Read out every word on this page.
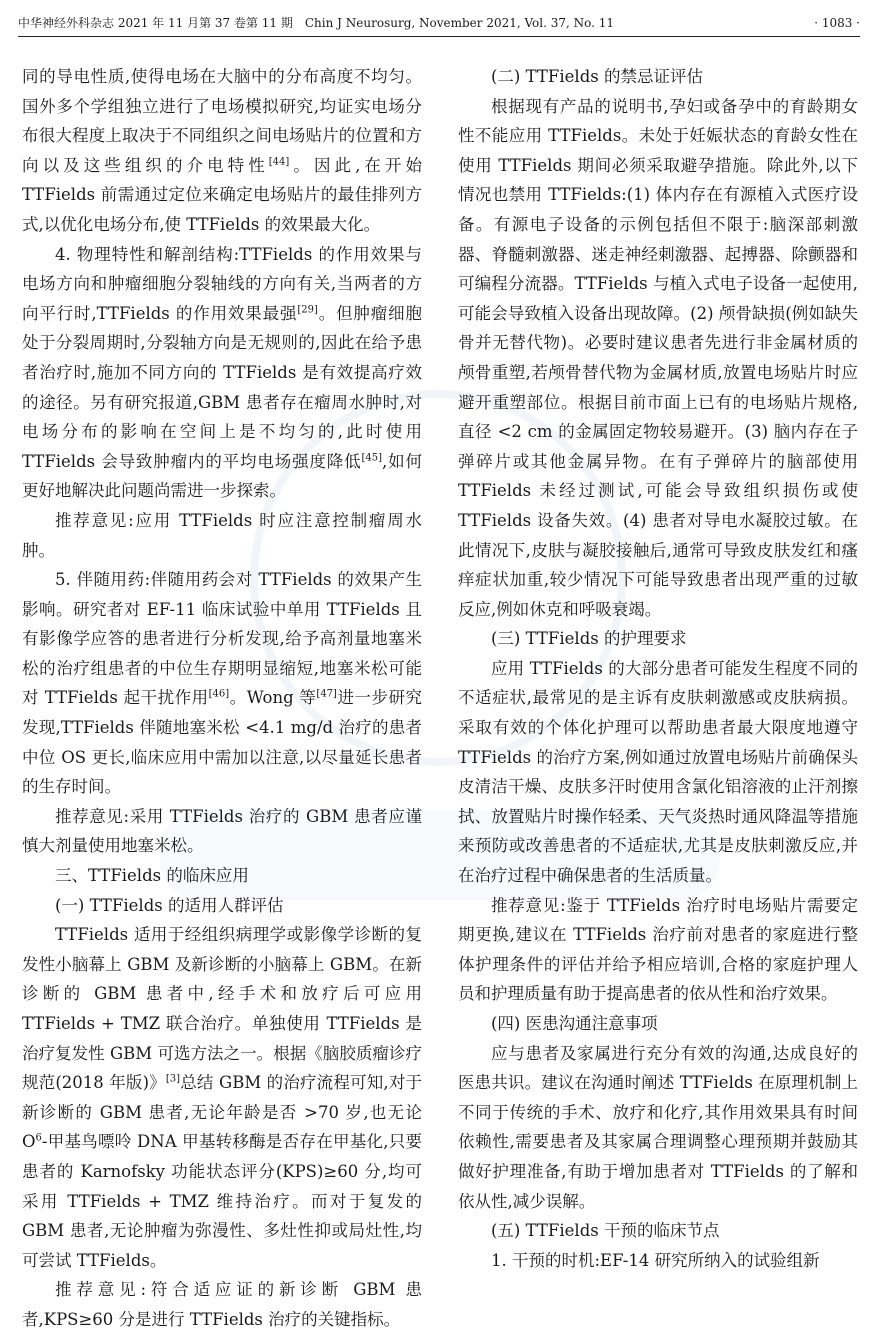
中华神经外科杂志 2021 年 11 月第 37 卷第 11 期　Chin J Neurosurg, November 2021, Vol. 37, No. 11	· 1083 ·

同的导电性质,使得电场在大脑中的分布高度不均匀。国外多个学组独立进行了电场模拟研究,均证实电场分布很大程度上取决于不同组织之间电场贴片的位置和方向以及这些组织的介电特性[44]。因此,在开始 TTFields 前需通过定位来确定电场贴片的最佳排列方式,以优化电场分布,使 TTFields 的效果最大化。

4. 物理特性和解剖结构:TTFields 的作用效果与电场方向和肿瘤细胞分裂轴线的方向有关,当两者的方向平行时,TTFields 的作用效果最强[29]。但肿瘤细胞处于分裂周期时,分裂轴方向是无规则的,因此在给予患者治疗时,施加不同方向的 TTFields 是有效提高疗效的途径。另有研究报道,GBM 患者存在瘤周水肿时,对电场分布的影响在空间上是不均匀的,此时使用 TTFields 会导致肿瘤内的平均电场强度降低[45],如何更好地解决此问题尚需进一步探索。

推荐意见:应用 TTFields 时应注意控制瘤周水肿。

5. 伴随用药:伴随用药会对 TTFields 的效果产生影响。研究者对 EF-11 临床试验中单用 TTFields 且有影像学应答的患者进行分析发现,给予高剂量地塞米松的治疗组患者的中位生存期明显缩短,地塞米松可能对 TTFields 起干扰作用[46]。Wong 等[47]进一步研究发现,TTFields 伴随地塞米松 <4.1 mg/d 治疗的患者中位 OS 更长,临床应用中需加以注意,以尽量延长患者的生存时间。

推荐意见:采用 TTFields 治疗的 GBM 患者应谨慎大剂量使用地塞米松。

三、TTFields 的临床应用

(一) TTFields 的适用人群评估

TTFields 适用于经组织病理学或影像学诊断的复发性小脑幕上 GBM 及新诊断的小脑幕上 GBM。在新诊断的 GBM 患者中,经手术和放疗后可应用 TTFields + TMZ 联合治疗。单独使用 TTFields 是治疗复发性 GBM 可选方法之一。根据《脑胶质瘤诊疗规范(2018 年版)》[3]总结 GBM 的治疗流程可知,对于新诊断的 GBM 患者,无论年龄是否 >70 岁,也无论 $O^6-$甲基鸟嘌呤 DNA 甲基转移酶是否存在甲基化,只要患者的 Karnofsky 功能状态评分(KPS)≥60 分,均可采用 TTFields + TMZ 维持治疗。而对于复发的 GBM 患者,无论肿瘤为弥漫性、多灶性抑或局灶性,均可尝试 TTFields。

推荐意见:符合适应证的新诊断 GBM 患者,KPS≥60 分是进行 TTFields 治疗的关键指标。

(二) TTFields 的禁忌证评估

根据现有产品的说明书,孕妇或备孕中的育龄期女性不能应用 TTFields。未处于妊娠状态的育龄女性在使用 TTFields 期间必须采取避孕措施。除此外,以下情况也禁用 TTFields:(1) 体内存在有源植入式医疗设备。有源电子设备的示例包括但不限于:脑深部刺激器、脊髓刺激器、迷走神经刺激器、起搏器、除颤器和可编程分流器。TTFields 与植入式电子设备一起使用,可能会导致植入设备出现故障。(2) 颅骨缺损(例如缺失骨并无替代物)。必要时建议患者先进行非金属材质的颅骨重塑,若颅骨替代物为金属材质,放置电场贴片时应避开重塑部位。根据目前市面上已有的电场贴片规格,直径 <2 cm 的金属固定物较易避开。(3) 脑内存在子弹碎片或其他金属异物。在有子弹碎片的脑部使用 TTFields 未经过测试,可能会导致组织损伤或使 TTFields 设备失效。(4) 患者对导电水凝胶过敏。在此情况下,皮肤与凝胶接触后,通常可导致皮肤发红和瘙痒症状加重,较少情况下可能导致患者出现严重的过敏反应,例如休克和呼吸衰竭。

(三) TTFields 的护理要求

应用 TTFields 的大部分患者可能发生程度不同的不适症状,最常见的是主诉有皮肤刺激感或皮肤病损。采取有效的个体化护理可以帮助患者最大限度地遵守 TTFields 的治疗方案,例如通过放置电场贴片前确保头皮清洁干燥、皮肤多汗时使用含氯化铝溶液的止汗剂擦拭、放置贴片时操作轻柔、天气炎热时通风降温等措施来预防或改善患者的不适症状,尤其是皮肤刺激反应,并在治疗过程中确保患者的生活质量。

推荐意见:鉴于 TTFields 治疗时电场贴片需要定期更换,建议在 TTFields 治疗前对患者的家庭进行整体护理条件的评估并给予相应培训,合格的家庭护理人员和护理质量有助于提高患者的依从性和治疗效果。

(四) 医患沟通注意事项

应与患者及家属进行充分有效的沟通,达成良好的医患共识。建议在沟通时阐述 TTFields 在原理机制上不同于传统的手术、放疗和化疗,其作用效果具有时间依赖性,需要患者及其家属合理调整心理预期并鼓励其做好护理准备,有助于增加患者对 TTFields 的了解和依从性,减少误解。

(五) TTFields 干预的临床节点

1. 干预的时机:EF-14 研究所纳入的试验组新
